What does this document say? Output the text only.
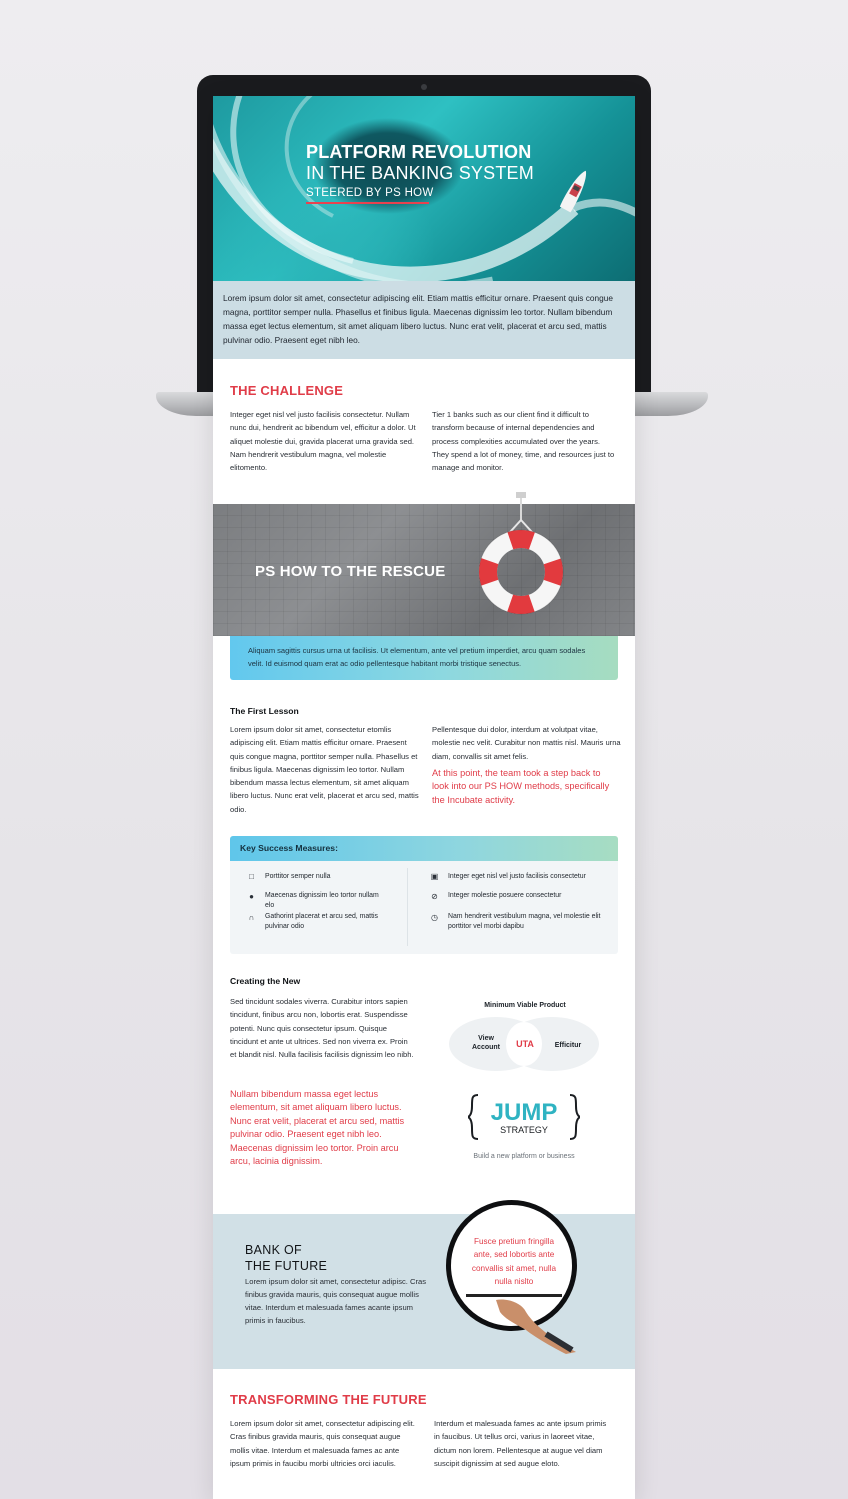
PLATFORM REVOLUTION
IN THE BANKING SYSTEM
STEERED BY PS HOW
Lorem ipsum dolor sit amet, consectetur adipiscing elit. Etiam mattis efficitur ornare. Praesent quis congue magna, porttitor semper nulla. Phasellus et finibus ligula. Maecenas dignissim leo tortor. Nullam bibendum massa eget lectus elementum, sit amet aliquam libero luctus. Nunc erat velit, placerat et arcu sed, mattis pulvinar odio. Praesent eget nibh leo.
THE CHALLENGE
Integer eget nisl vel justo facilisis consectetur. Nullam nunc dui, hendrerit ac bibendum vel, efficitur a dolor. Ut aliquet molestie dui, gravida placerat urna gravida sed. Nam hendrerit vestibulum magna, vel molestie elitomento.
Tier 1 banks such as our client find it difficult to transform because of internal dependencies and process complexities accumulated over the years. They spend a lot of money, time, and resources just to manage and monitor.
PS HOW TO THE RESCUE
Aliquam sagittis cursus urna ut facilisis. Ut elementum, ante vel pretium imperdiet, arcu quam sodales velit. Id euismod quam erat ac odio pellentesque habitant morbi tristique senectus.
The First Lesson
Lorem ipsum dolor sit amet, consectetur etomlis adipiscing elit. Etiam mattis efficitur ornare. Praesent quis congue magna, porttitor semper nulla. Phasellus et finibus ligula. Maecenas dignissim leo tortor. Nullam bibendum massa lectus elementum, sit amet aliquam libero luctus. Nunc erat velit, placerat et arcu sed, mattis odio.
Pellentesque dui dolor, interdum at volutpat vitae, molestie nec velit. Curabitur non mattis nisl. Mauris urna diam, convallis sit amet felis.
At this point, the team took a step back to look into our PS HOW methods, specifically the Incubate activity.
Key Success Measures:
□	Porttitor semper nulla
●	Maecenas dignissim leo tortor nullam elo
∩ Gathorint placerat et arcu sed, mattis pulvinar odio
▣ Integer eget nisl vel justo facilisis consectetur
⊘ Integer molestie posuere consectetur
◷ Nam hendrerit vestibulum magna, vel molestie elit porttitor vel morbi dapibu
Creating the New
Sed tincidunt sodales viverra. Curabitur intors sapien tincidunt, finibus arcu non, lobortis erat. Suspendisse potenti. Nunc quis consectetur ipsum. Quisque tincidunt et ante ut ultrices. Sed non viverra ex. Proin et blandit nisl. Nulla facilisis facilisis dignissim leo nibh.
Nullam bibendum massa eget lectus elementum, sit amet aliquam libero luctus. Nunc erat velit, placerat et arcu sed, mattis pulvinar odio. Praesent eget nibh leo. Maecenas dignissim leo tortor. Proin arcu arcu, lacinia dignissim.
Minimum Viable Product
View
Account UTA	Efficitur
JUMP
STRATEGY
Build a new platform or business
BANK OF
THE FUTURE
Lorem ipsum dolor sit amet, consectetur adipisc. Cras finibus gravida mauris, quis consequat augue mollis vitae. Interdum et malesuada fames acante ipsum primis in faucibus.
Fusce pretium fringilla ante, sed lobortis ante convallis sit amet, nulla nulla nislto
TRANSFORMING THE FUTURE
Lorem ipsum dolor sit amet, consectetur adipiscing elit. Cras finibus gravida mauris, quis consequat augue mollis vitae. Interdum et malesuada fames ac ante ipsum primis in faucibu morbi ultricies orci iaculis.
Interdum et malesuada fames ac ante ipsum primis in faucibus. Ut tellus orci, varius in laoreet vitae, dictum non lorem. Pellentesque at augue vel diam suscipit dignissim at sed augue eloto.
